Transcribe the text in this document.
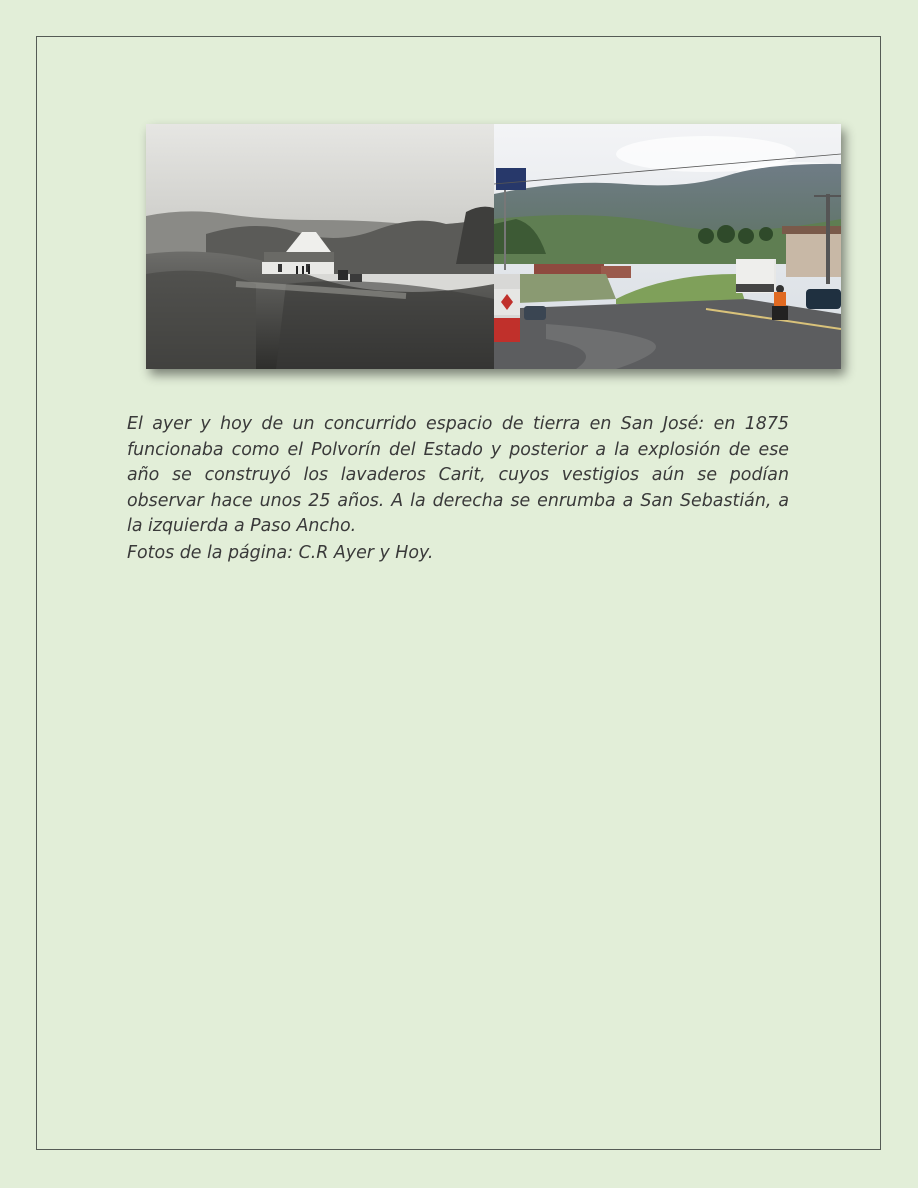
El ayer y hoy de un concurrido espacio de tierra en San José: en 1875 funcionaba como el Polvorín del Estado y posterior a la explosión de ese año se construyó los lavaderos Carit, cuyos vestigios aún se podían observar hace unos 25 años. A la derecha se enrumba a San Sebastián, a la izquierda a Paso Ancho.

Fotos de la página: C.R Ayer y Hoy.
